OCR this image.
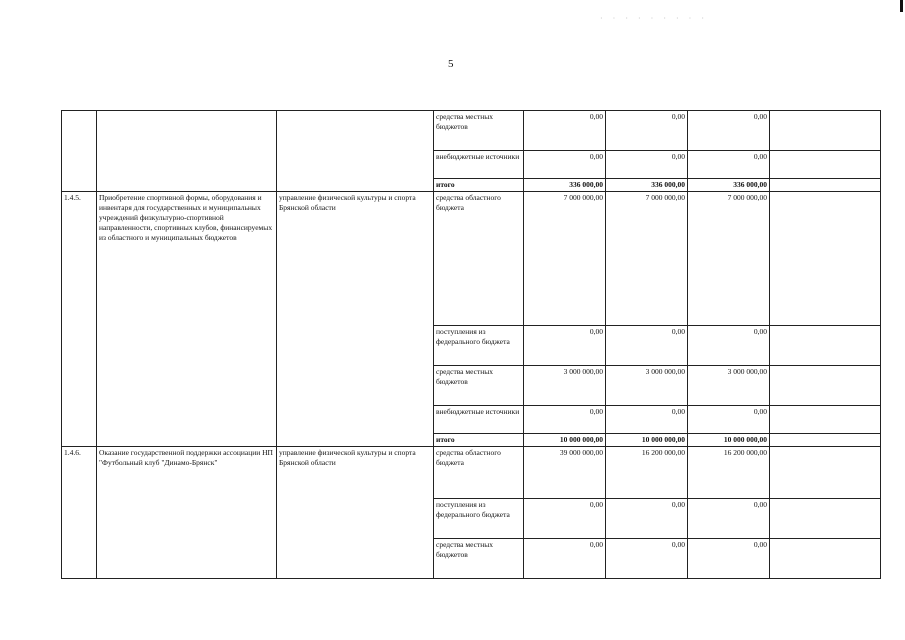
· · · · · · · · ·
5
			средства местных бюджетов	0,00	0,00	0,00	
			внебюджетные источники	0,00	0,00	0,00	
			итого	336 000,00	336 000,00	336 000,00	
1.4.5.	Приобретение спортивной формы, оборудования и инвентаря для государственных и муниципальных учреждений физкультурно-спортивной направленности, спортивных клубов, финансируемых из областного и муниципальных бюджетов	управление физической культуры и спорта Брянской области	средства областного бюджета	7 000 000,00	7 000 000,00	7 000 000,00	
			поступления из федерального бюджета	0,00	0,00	0,00	
			средства местных бюджетов	3 000 000,00	3 000 000,00	3 000 000,00	
			внебюджетные источники	0,00	0,00	0,00	
			итого	10 000 000,00	10 000 000,00	10 000 000,00	
1.4.6.	Оказание государственной поддержки ассоциации НП "Футбольный клуб "Динамо-Брянск"	управление физической культуры и спорта Брянской области	средства областного бюджета	39 000 000,00	16 200 000,00	16 200 000,00	
			поступления из федерального бюджета	0,00	0,00	0,00	
			средства местных бюджетов	0,00	0,00	0,00	
